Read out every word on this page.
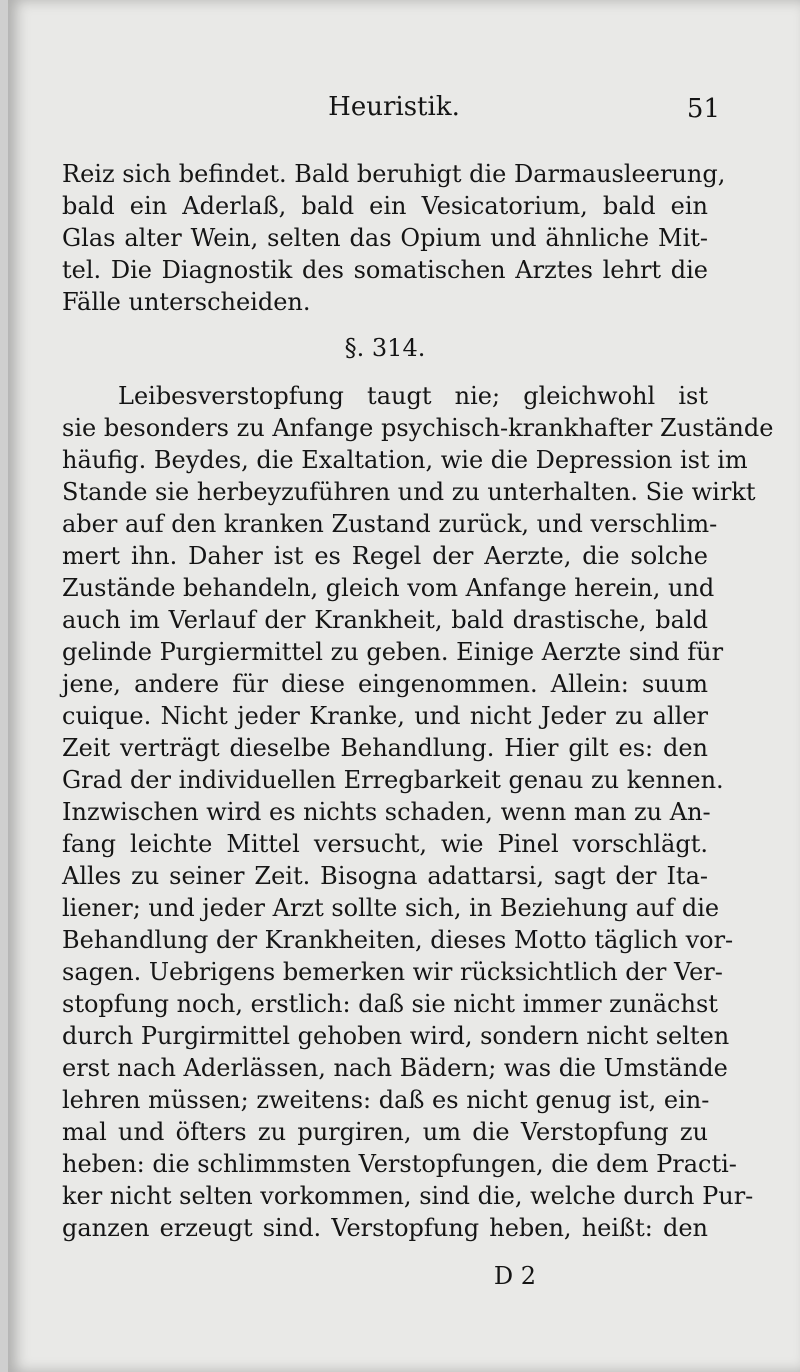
Heuristik.	51
Reiz sich befindet. Bald beruhigt die Darmausleerung,
bald ein Aderlaß, bald ein Vesicatorium, bald ein
Glas alter Wein, selten das Opium und ähnliche Mit-
tel. Die Diagnostik des somatischen Arztes lehrt die
Fälle unterscheiden.
§. 314.
Leibesverstopfung taugt nie; gleichwohl ist
sie besonders zu Anfange psychisch-krankhafter Zustände
häufig. Beydes, die Exaltation, wie die Depression ist im
Stande sie herbeyzuführen und zu unterhalten. Sie wirkt
aber auf den kranken Zustand zurück, und verschlim-
mert ihn. Daher ist es Regel der Aerzte, die solche
Zustände behandeln, gleich vom Anfange herein, und
auch im Verlauf der Krankheit, bald drastische, bald
gelinde Purgiermittel zu geben. Einige Aerzte sind für
jene, andere für diese eingenommen. Allein: suum
cuique. Nicht jeder Kranke, und nicht Jeder zu aller
Zeit verträgt dieselbe Behandlung. Hier gilt es: den
Grad der individuellen Erregbarkeit genau zu kennen.
Inzwischen wird es nichts schaden, wenn man zu An-
fang leichte Mittel versucht, wie Pinel vorschlägt.
Alles zu seiner Zeit. Bisogna adattarsi, sagt der Ita-
liener; und jeder Arzt sollte sich, in Beziehung auf die
Behandlung der Krankheiten, dieses Motto täglich vor-
sagen. Uebrigens bemerken wir rücksichtlich der Ver-
stopfung noch, erstlich: daß sie nicht immer zunächst
durch Purgirmittel gehoben wird, sondern nicht selten
erst nach Aderlässen, nach Bädern; was die Umstände
lehren müssen; zweitens: daß es nicht genug ist, ein-
mal und öfters zu purgiren, um die Verstopfung zu
heben: die schlimmsten Verstopfungen, die dem Practi-
ker nicht selten vorkommen, sind die, welche durch Pur-
ganzen erzeugt sind. Verstopfung heben, heißt: den
D 2
